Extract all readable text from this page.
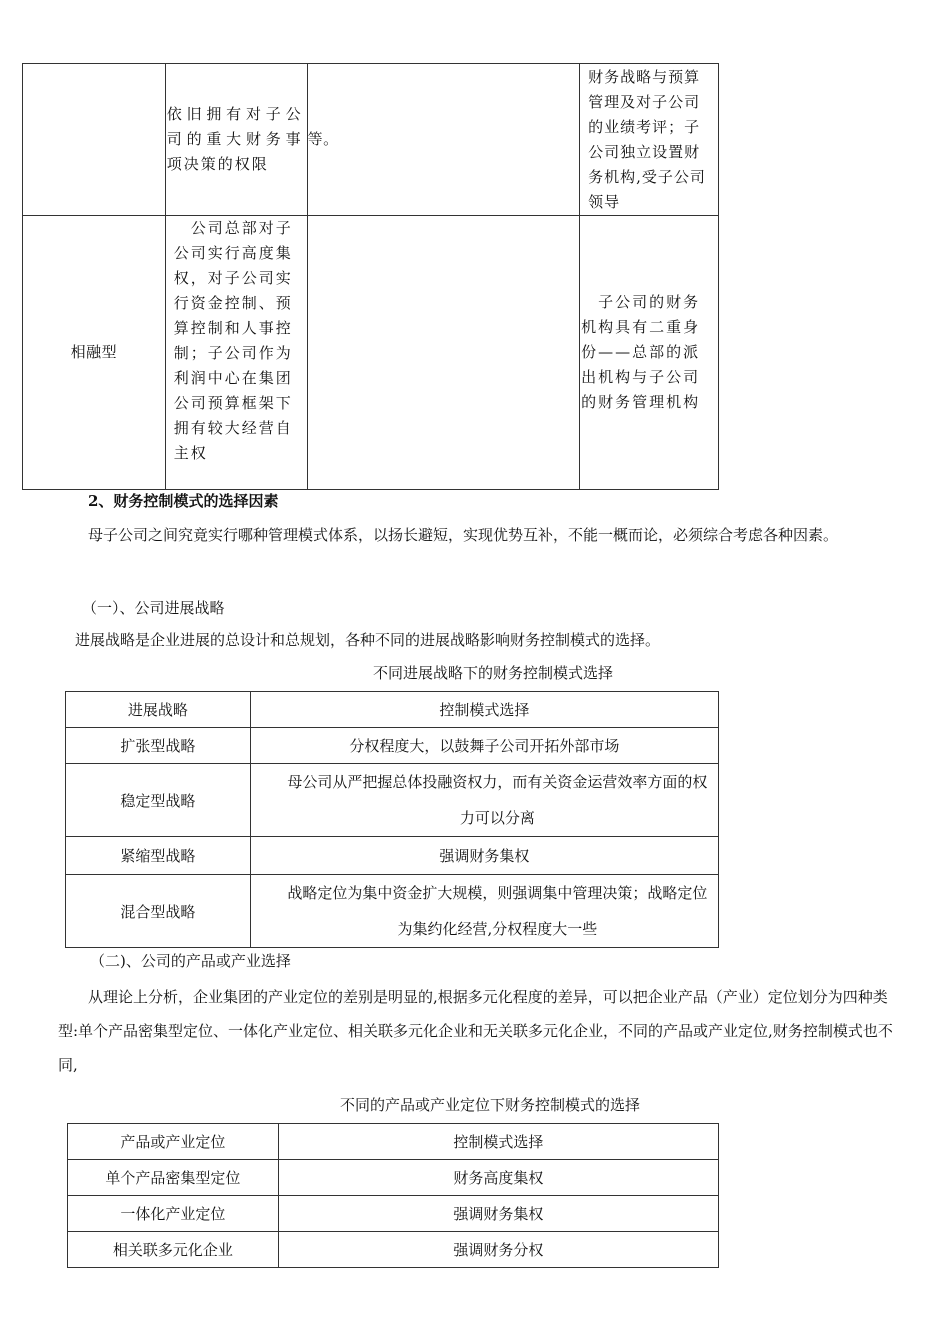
	依旧拥有对子公司的重大财务事项决策的权限	等。	财务战略与预算管理及对子公司的业绩考评；子公司独立设置财务机构,受子公司领导

相融型	　公司总部对子公司实行高度集权，对子公司实行资金控制、预算控制和人事控制；子公司作为利润中心在集团公司预算框架下拥有较大经营自主权		　子公司的财务机构具有二重身份——总部的派出机构与子公司的财务管理机构
2、财务控制模式的选择因素
母子公司之间究竟实行哪种管理模式体系，以扬长避短，实现优势互补，不能一概而论，必须综合考虑各种因素。
（一）、公司进展战略
进展战略是企业进展的总设计和总规划，各种不同的进展战略影响财务控制模式的选择。
不同进展战略下的财务控制模式选择
进展战略	控制模式选择
扩张型战略	分权程度大，以鼓舞子公司开拓外部市场
稳定型战略	母公司从严把握总体投融资权力，而有关资金运营效率方面的权力可以分离

紧缩型战略	强调财务集权
混合型战略	战略定位为集中资金扩大规模，则强调集中管理决策；战略定位为集约化经营,分权程度大一些
（二)、公司的产品或产业选择
从理论上分析，企业集团的产业定位的差别是明显的,根据多元化程度的差异，可以把企业产品（产业）定位划分为四种类型:单个产品密集型定位、一体化产业定位、相关联多元化企业和无关联多元化企业，不同的产品或产业定位,财务控制模式也不同,
不同的产品或产业定位下财务控制模式的选择
产品或产业定位	控制模式选择
单个产品密集型定位	财务高度集权
一体化产业定位	强调财务集权
相关联多元化企业	强调财务分权
